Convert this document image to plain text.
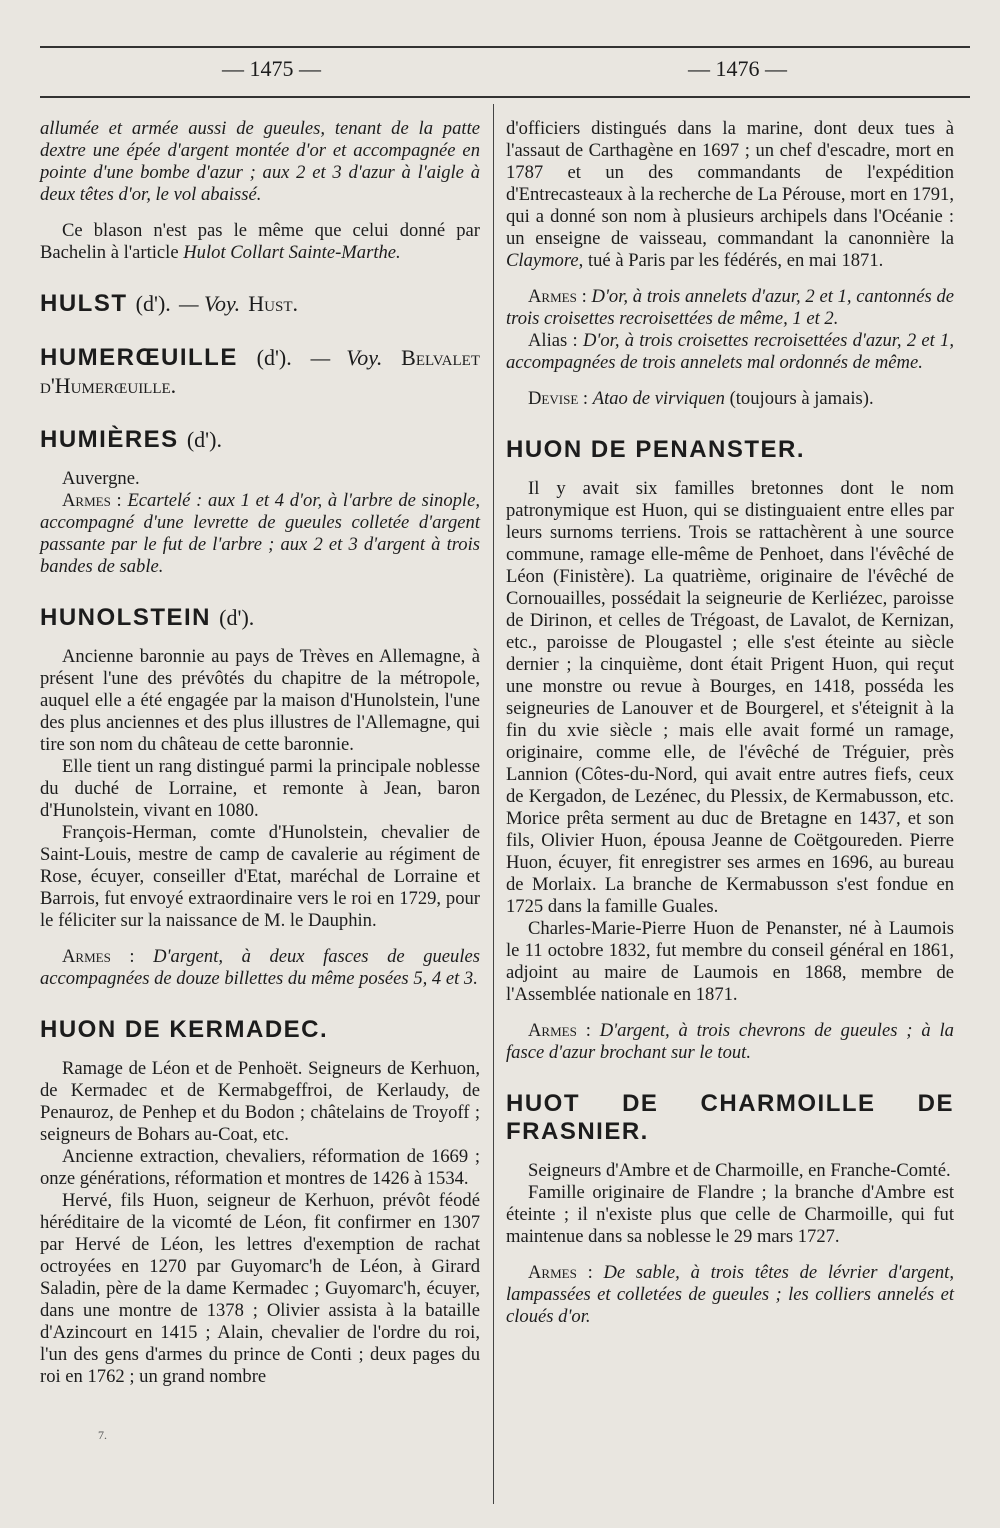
— 1475 —	— 1476 —

allumée et armée aussi de gueules, tenant de la patte dextre une épée d'argent montée d'or et accompagnée en pointe d'une bombe d'azur ; aux 2 et 3 d'azur à l'aigle à deux têtes d'or, le vol abaissé.

Ce blason n'est pas le même que celui donné par Bachelin à l'article Hulot Collart Sainte-Marthe.

HULST (d'). — Voy. Hust.
HUMERŒUILLE (d'). — Voy. Belvalet d'Humerœuille.
HUMIÈRES (d').

Auvergne.

Armes : Ecartelé : aux 1 et 4 d'or, à l'arbre de sinople, accompagné d'une levrette de gueules colletée d'argent passante par le fut de l'arbre ; aux 2 et 3 d'argent à trois bandes de sable.

HUNOLSTEIN (d').

Ancienne baronnie au pays de Trèves en Allemagne, à présent l'une des prévôtés du chapitre de la métropole, auquel elle a été engagée par la maison d'Hunolstein, l'une des plus anciennes et des plus illustres de l'Allemagne, qui tire son nom du château de cette baronnie.

Elle tient un rang distingué parmi la principale noblesse du duché de Lorraine, et remonte à Jean, baron d'Hunolstein, vivant en 1080.

François-Herman, comte d'Hunolstein, chevalier de Saint-Louis, mestre de camp de cavalerie au régiment de Rose, écuyer, conseiller d'Etat, maréchal de Lorraine et Barrois, fut envoyé extraordinaire vers le roi en 1729, pour le féliciter sur la naissance de M. le Dauphin.

Armes : D'argent, à deux fasces de gueules accompagnées de douze billettes du même posées 5, 4 et 3.

HUON DE KERMADEC.

Ramage de Léon et de Penhoët. Seigneurs de Kerhuon, de Kermadec et de Kermabgeffroi, de Kerlaudy, de Penauroz, de Penhep et du Bodon ; châtelains de Troyoff ; seigneurs de Bohars au-Coat, etc.

Ancienne extraction, chevaliers, réformation de 1669 ; onze générations, réformation et montres de 1426 à 1534.

Hervé, fils Huon, seigneur de Kerhuon, prévôt féodé héréditaire de la vicomté de Léon, fit confirmer en 1307 par Hervé de Léon, les lettres d'exemption de rachat octroyées en 1270 par Guyomarc'h de Léon, à Girard Saladin, père de la dame Kermadec ; Guyomarc'h, écuyer, dans une montre de 1378 ; Olivier assista à la bataille d'Azincourt en 1415 ; Alain, chevalier de l'ordre du roi, l'un des gens d'armes du prince de Conti ; deux pages du roi en 1762 ; un grand nombre

7.

d'officiers distingués dans la marine, dont deux tues à l'assaut de Carthagène en 1697 ; un chef d'escadre, mort en 1787 et un des commandants de l'expédition d'Entrecasteaux à la recherche de La Pérouse, mort en 1791, qui a donné son nom à plusieurs archipels dans l'Océanie : un enseigne de vaisseau, commandant la canonnière la Claymore, tué à Paris par les fédérés, en mai 1871.

Armes : D'or, à trois annelets d'azur, 2 et 1, cantonnés de trois croisettes recroisettées de même, 1 et 2.

Alias : D'or, à trois croisettes recroisettées d'azur, 2 et 1, accompagnées de trois annelets mal ordonnés de même.

Devise : Atao de virviquen (toujours à jamais).

HUON DE PENANSTER.

Il y avait six familles bretonnes dont le nom patronymique est Huon, qui se distinguaient entre elles par leurs surnoms terriens. Trois se rattachèrent à une source commune, ramage elle-même de Penhoet, dans l'évêché de Léon (Finistère). La quatrième, originaire de l'évêché de Cornouailles, possédait la seigneurie de Kerliézec, paroisse de Dirinon, et celles de Trégoast, de Lavalot, de Kernizan, etc., paroisse de Plougastel ; elle s'est éteinte au siècle dernier ; la cinquième, dont était Prigent Huon, qui reçut une monstre ou revue à Bourges, en 1418, posséda les seigneuries de Lanouver et de Bourgerel, et s'éteignit à la fin du xvie siècle ; mais elle avait formé un ramage, originaire, comme elle, de l'évêché de Tréguier, près Lannion (Côtes-du-Nord, qui avait entre autres fiefs, ceux de Kergadon, de Lezénec, du Plessix, de Kermabusson, etc. Morice prêta serment au duc de Bretagne en 1437, et son fils, Olivier Huon, épousa Jeanne de Coëtgoureden. Pierre Huon, écuyer, fit enregistrer ses armes en 1696, au bureau de Morlaix. La branche de Kermabusson s'est fondue en 1725 dans la famille Guales.

Charles-Marie-Pierre Huon de Penanster, né à Laumois le 11 octobre 1832, fut membre du conseil général en 1861, adjoint au maire de Laumois en 1868, membre de l'Assemblée nationale en 1871.

Armes : D'argent, à trois chevrons de gueules ; à la fasce d'azur brochant sur le tout.

HUOT DE CHARMOILLE DE FRASNIER.

Seigneurs d'Ambre et de Charmoille, en Franche-Comté.

Famille originaire de Flandre ; la branche d'Ambre est éteinte ; il n'existe plus que celle de Charmoille, qui fut maintenue dans sa noblesse le 29 mars 1727.

Armes : De sable, à trois têtes de lévrier d'argent, lampassées et colletées de gueules ; les colliers annelés et cloués d'or.
